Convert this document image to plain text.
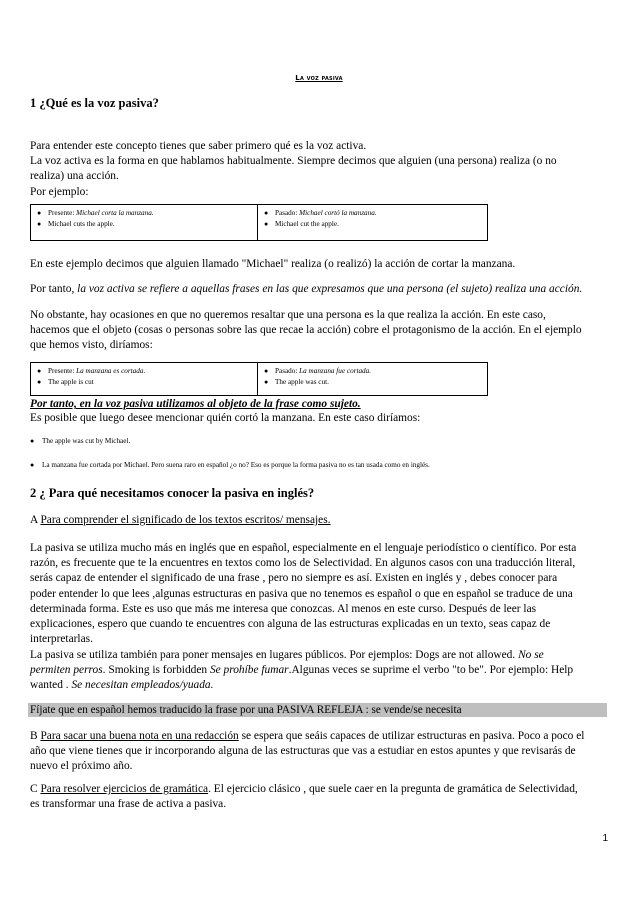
La voz pasiva
1 ¿Qué es la voz pasiva?
Para entender este concepto tienes que saber primero qué es la voz activa.
La voz activa es la forma en que hablamos habitualmente. Siempre decimos que alguien (una persona) realiza (o no
realiza) una acción.
Por ejemplo:
● Presente: Michael corta la manzana.
● Michael cuts the apple.
● Pasado: Michael cortó la manzana.
● Michael cut the apple.
En este ejemplo decimos que alguien llamado "Michael" realiza (o realizó) la acción de cortar la manzana.
Por tanto, la voz activa se refiere a aquellas frases en las que expresamos que una persona (el sujeto) realiza una acción.
No obstante, hay ocasiones en que no queremos resaltar que una persona es la que realiza la acción. En este caso,
hacemos que el objeto (cosas o personas sobre las que recae la acción) cobre el protagonismo de la acción. En el ejemplo
que hemos visto, diríamos:
● Presente: La manzana es cortada.
● The apple is cut
● Pasado: La manzana fue cortada.
● The apple was cut.
Por tanto, en la voz pasiva utilizamos al objeto de la frase como sujeto.
Es posible que luego desee mencionar quién cortó la manzana. En este caso diríamos:
●	The apple was cut by Michael.
●	La manzana fue cortada por Michael. Pero suena raro en español ¿o no? Eso es porque la forma pasiva no es tan usada como en inglés.
2 ¿ Para qué necesitamos conocer la pasiva en inglés?
A Para comprender el significado de los textos escritos/ mensajes.
La pasiva se utiliza mucho más en inglés que en español, especialmente en el lenguaje periodístico o científico. Por esta
razón, es frecuente que te la encuentres en textos como los de Selectividad. En algunos casos con una traducción literal,
serás capaz de entender el significado de una frase , pero no siempre es así. Existen en inglés y , debes conocer para
poder entender lo que lees ,algunas estructuras en pasiva que no tenemos es español o que en español se traduce de una
determinada forma. Este es uso que más me interesa que conozcas. Al menos en este curso. Después de leer las
explicaciones, espero que cuando te encuentres con alguna de las estructuras explicadas en un texto, seas capaz de
interpretarlas.
La pasiva se utiliza también para poner mensajes en lugares públicos. Por ejemplos: Dogs are not allowed. No se
permiten perros. Smoking is forbidden Se prohíbe fumar.Algunas veces se suprime el verbo "to be". Por ejemplo: Help
wanted . Se necesitan empleados/yuada.
Fíjate que en español hemos traducido la frase por una PASIVA REFLEJA : se vende/se necesita
B Para sacar una buena nota en una redacción se espera que seáis capaces de utilizar estructuras en pasiva. Poco a poco el
año que viene tienes que ir incorporando alguna de las estructuras que vas a estudiar en estos apuntes y que revisarás de
nuevo el próximo año.
C Para resolver ejercicios de gramática. El ejercicio clásico , que suele caer en la pregunta de gramática de Selectividad,
es transformar una frase de activa a pasiva.
1
